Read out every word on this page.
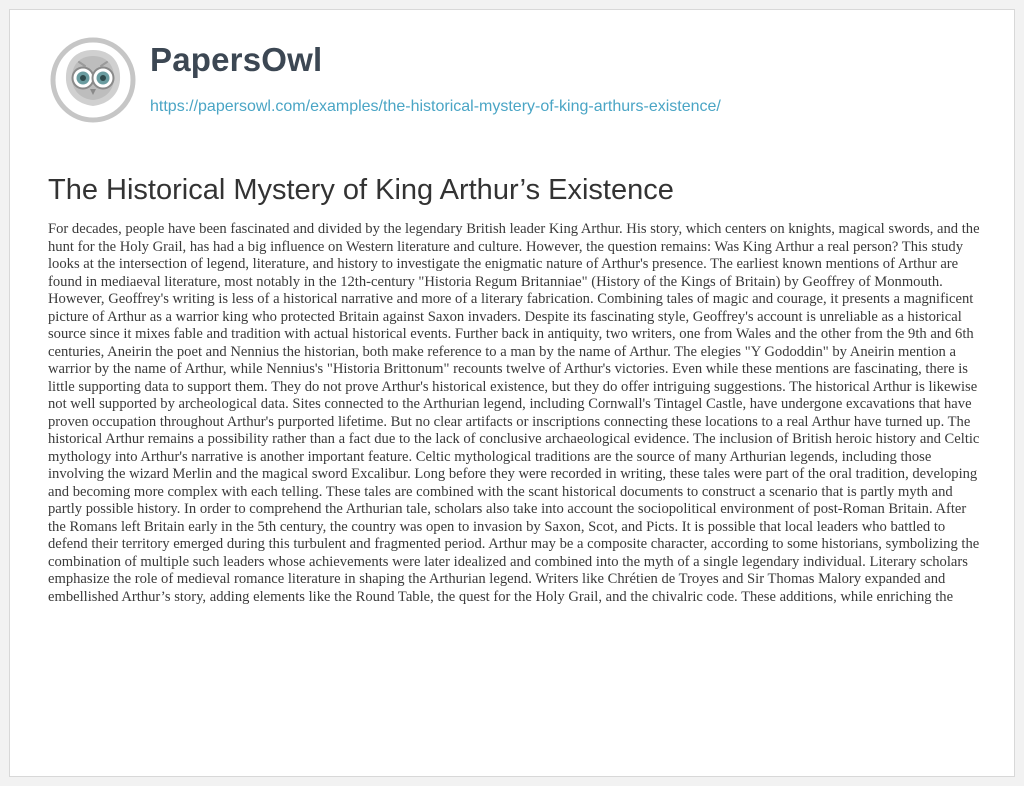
PapersOwl
https://papersowl.com/examples/the-historical-mystery-of-king-arthurs-existence/
The Historical Mystery of King Arthur’s Existence

For decades, people have been fascinated and divided by the legendary British leader King Arthur. His story, which centers on knights, magical swords, and the hunt for the Holy Grail, has had a big influence on Western literature and culture. However, the question remains: Was King Arthur a real person? This study looks at the intersection of legend, literature, and history to investigate the enigmatic nature of Arthur's presence. The earliest known mentions of Arthur are found in mediaeval literature, most notably in the 12th-century "Historia Regum Britanniae" (History of the Kings of Britain) by Geoffrey of Monmouth. However, Geoffrey's writing is less of a historical narrative and more of a literary fabrication. Combining tales of magic and courage, it presents a magnificent picture of Arthur as a warrior king who protected Britain against Saxon invaders. Despite its fascinating style, Geoffrey's account is unreliable as a historical source since it mixes fable and tradition with actual historical events. Further back in antiquity, two writers, one from Wales and the other from the 9th and 6th centuries, Aneirin the poet and Nennius the historian, both make reference to a man by the name of Arthur. The elegies "Y Gododdin" by Aneirin mention a warrior by the name of Arthur, while Nennius's "Historia Brittonum" recounts twelve of Arthur's victories. Even while these mentions are fascinating, there is little supporting data to support them. They do not prove Arthur's historical existence, but they do offer intriguing suggestions. The historical Arthur is likewise not well supported by archeological data. Sites connected to the Arthurian legend, including Cornwall's Tintagel Castle, have undergone excavations that have proven occupation throughout Arthur's purported lifetime. But no clear artifacts or inscriptions connecting these locations to a real Arthur have turned up. The historical Arthur remains a possibility rather than a fact due to the lack of conclusive archaeological evidence. The inclusion of British heroic history and Celtic mythology into Arthur's narrative is another important feature. Celtic mythological traditions are the source of many Arthurian legends, including those involving the wizard Merlin and the magical sword Excalibur. Long before they were recorded in writing, these tales were part of the oral tradition, developing and becoming more complex with each telling. These tales are combined with the scant historical documents to construct a scenario that is partly myth and partly possible history. In order to comprehend the Arthurian tale, scholars also take into account the sociopolitical environment of post-Roman Britain. After the Romans left Britain early in the 5th century, the country was open to invasion by Saxon, Scot, and Picts. It is possible that local leaders who battled to defend their territory emerged during this turbulent and fragmented period. Arthur may be a composite character, according to some historians, symbolizing the combination of multiple such leaders whose achievements were later idealized and combined into the myth of a single legendary individual. Literary scholars emphasize the role of medieval romance literature in shaping the Arthurian legend. Writers like Chrétien de Troyes and Sir Thomas Malory expanded and embellished Arthur’s story, adding elements like the Round Table, the quest for the Holy Grail, and the chivalric code. These additions, while enriching the
